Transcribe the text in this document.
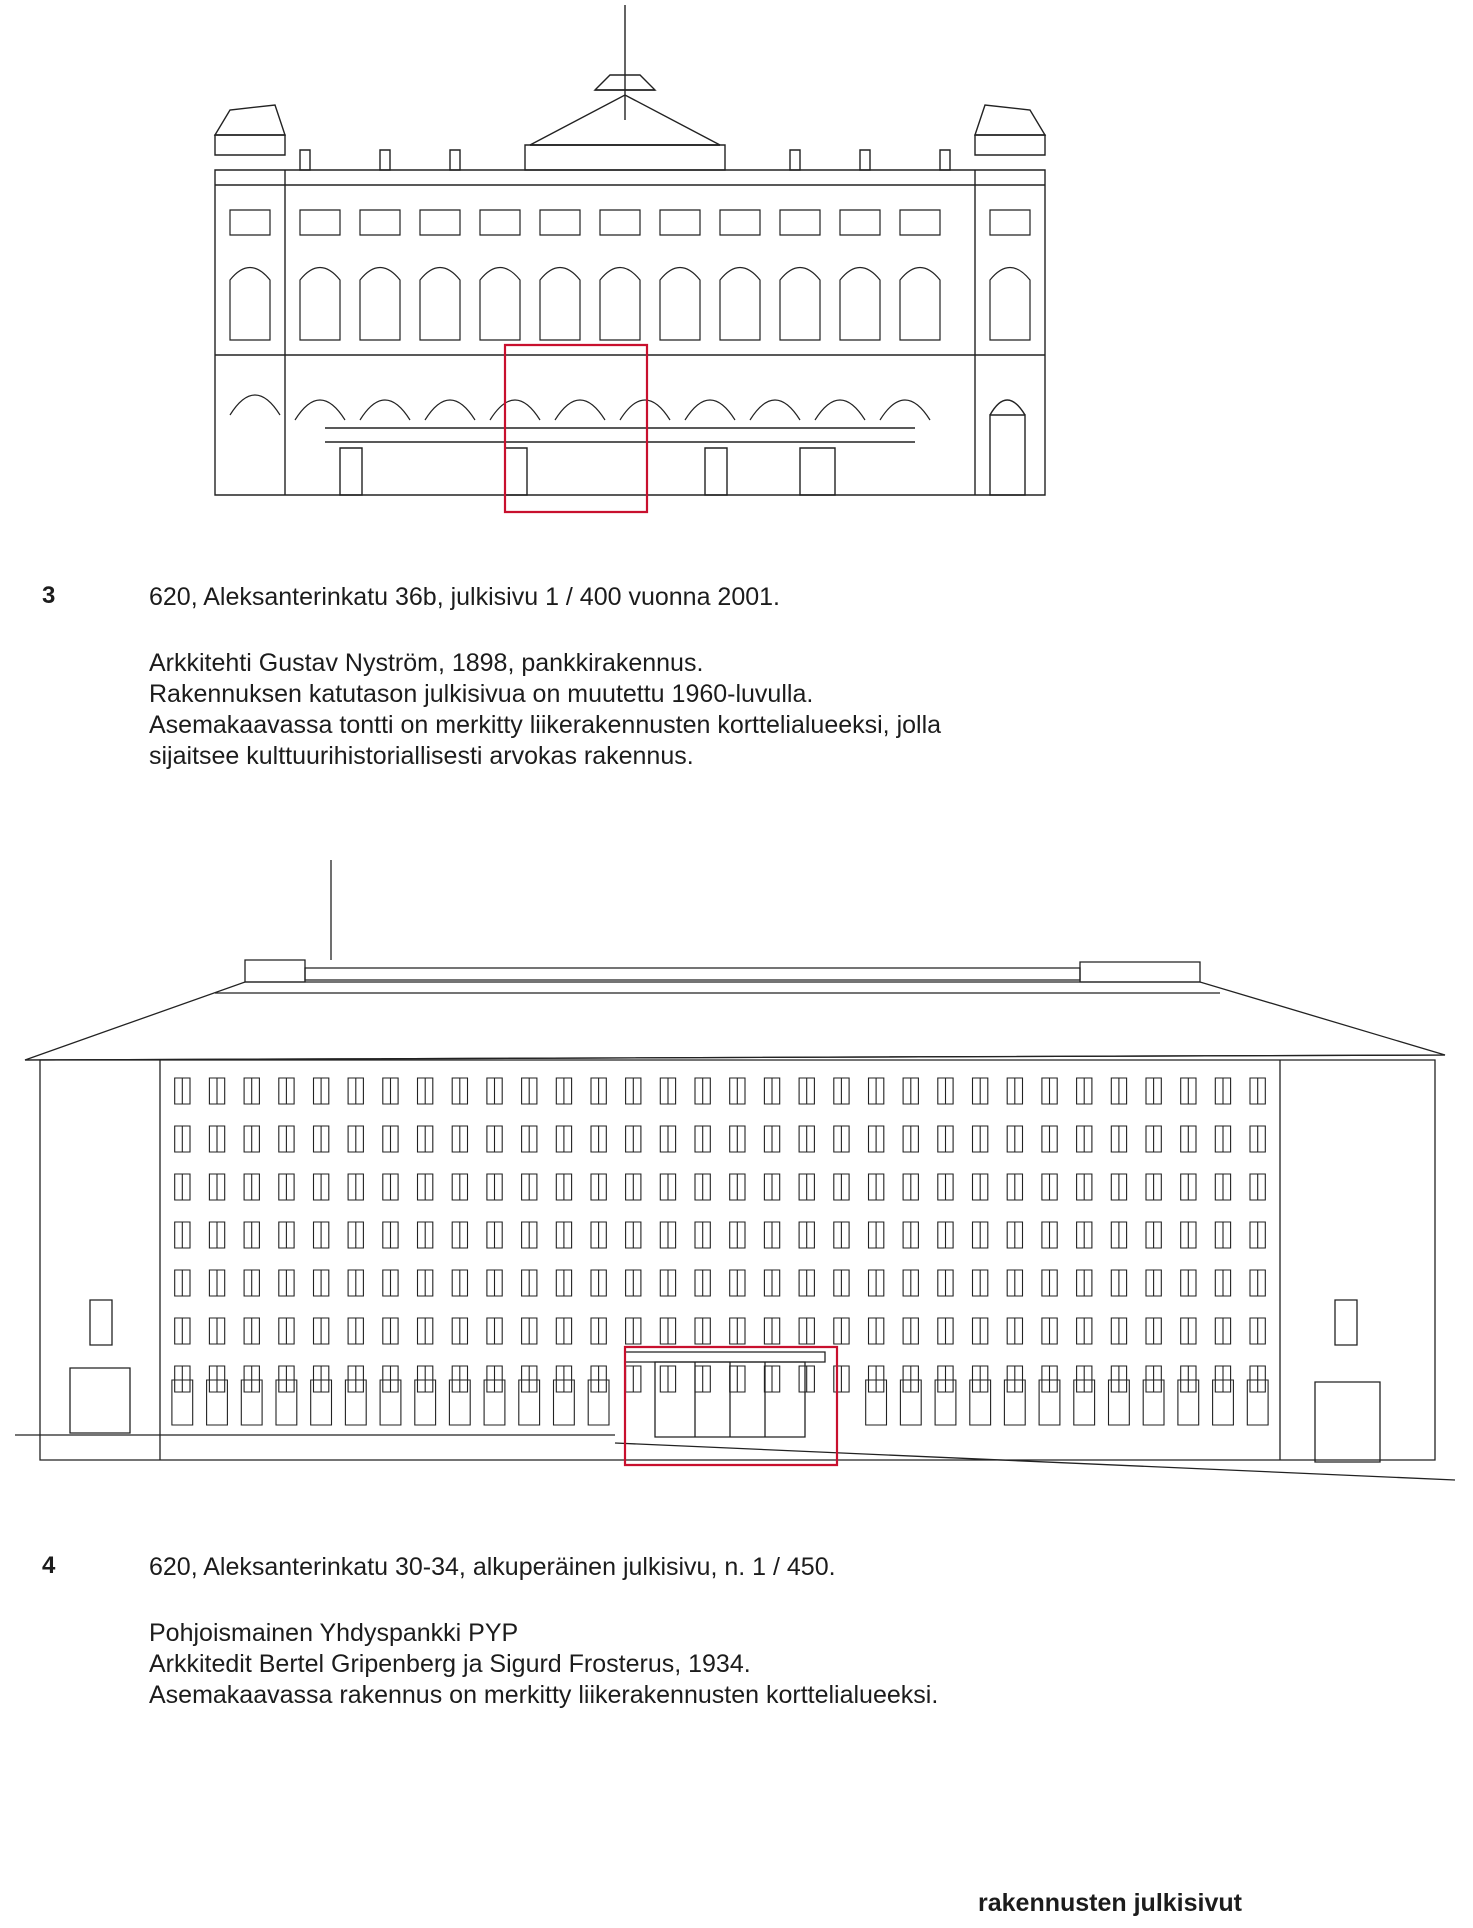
3	620, Aleksanterinkatu 36b, julkisivu 1 / 400 vuonna 2001.
Arkkitehti Gustav Nyström, 1898, pankkirakennus.
Rakennuksen katutason julkisivua on muutettu 1960-luvulla.
Asemakaavassa tontti on merkitty liikerakennusten korttelialueeksi, jolla
sijaitsee kulttuurihistoriallisesti arvokas rakennus.
4	620, Aleksanterinkatu 30-34, alkuperäinen julkisivu, n. 1 / 450.
Pohjoismainen Yhdyspankki PYP
Arkkitedit Bertel Gripenberg ja Sigurd Frosterus, 1934.
Asemakaavassa rakennus on merkitty liikerakennusten korttelialueeksi.
rakennusten julkisivut
